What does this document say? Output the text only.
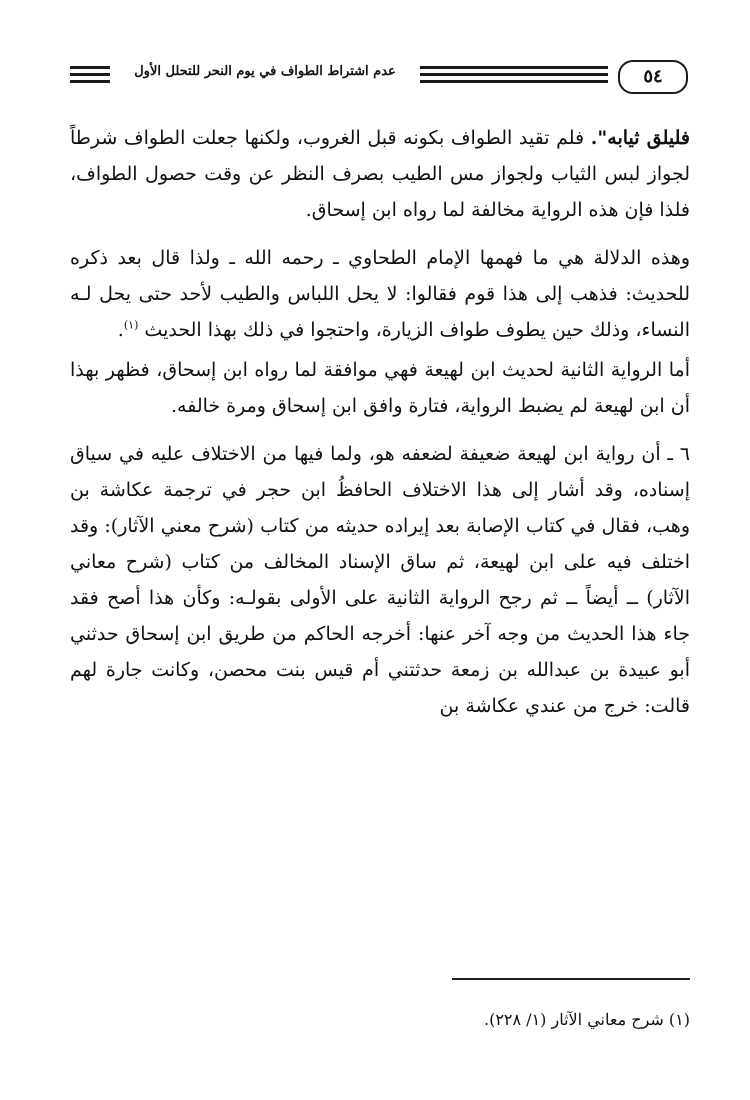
عدم اشتراط الطواف في يوم النحر للتحلل الأول	٥٤

فليلق ثيابه". فلم تقيد الطواف بكونه قبل الغروب، ولكنها جعلت الطواف شرطاً لجواز لبس الثياب ولجواز مس الطيب بصرف النظر عن وقت حصول الطواف، فلذا فإن هذه الرواية مخالفة لما رواه ابن إسحاق.

وهذه الدلالة هي ما فهمها الإمام الطحاوي ـ رحمه الله ـ ولذا قال بعد ذكره للحديث: فذهب إلى هذا قوم فقالوا: لا يحل اللباس والطيب لأحد حتى يحل لـه النساء، وذلك حين يطوف طواف الزيارة، واحتجوا في ذلك بهذا الحديث $^{(١)}$.

أما الرواية الثانية لحديث ابن لهيعة فهي موافقة لما رواه ابن إسحاق، فظهر بهذا أن ابن لهيعة لم يضبط الرواية، فتارة وافق ابن إسحاق ومرة خالفه.

٦ ـ أن رواية ابن لهيعة ضعيفة لضعفه هو، ولما فيها من الاختلاف عليه في سياق إسناده، وقد أشار إلى هذا الاختلاف الحافظُ ابن حجر في ترجمة عكاشة بن وهب، فقال في كتاب الإصابة بعد إيراده حديثه من كتاب (شرح معني الآثار): وقد اختلف فيه على ابن لهيعة، ثم ساق الإسناد المخالف من كتاب (شرح معاني الآثار) ــ أيضاً ــ ثم رجح الرواية الثانية على الأولى بقولـه: وكأن هذا أصح فقد جاء هذا الحديث من وجه آخر عنها: أخرجه الحاكم من طريق ابن إسحاق حدثني أبو عبيدة بن عبدالله بن زمعة حدثتني أم قيس بنت محصن، وكانت جارة لهم قالت: خرج من عندي عكاشة بن

(١) شرح معاني الآثار (١/ ٢٢٨).
